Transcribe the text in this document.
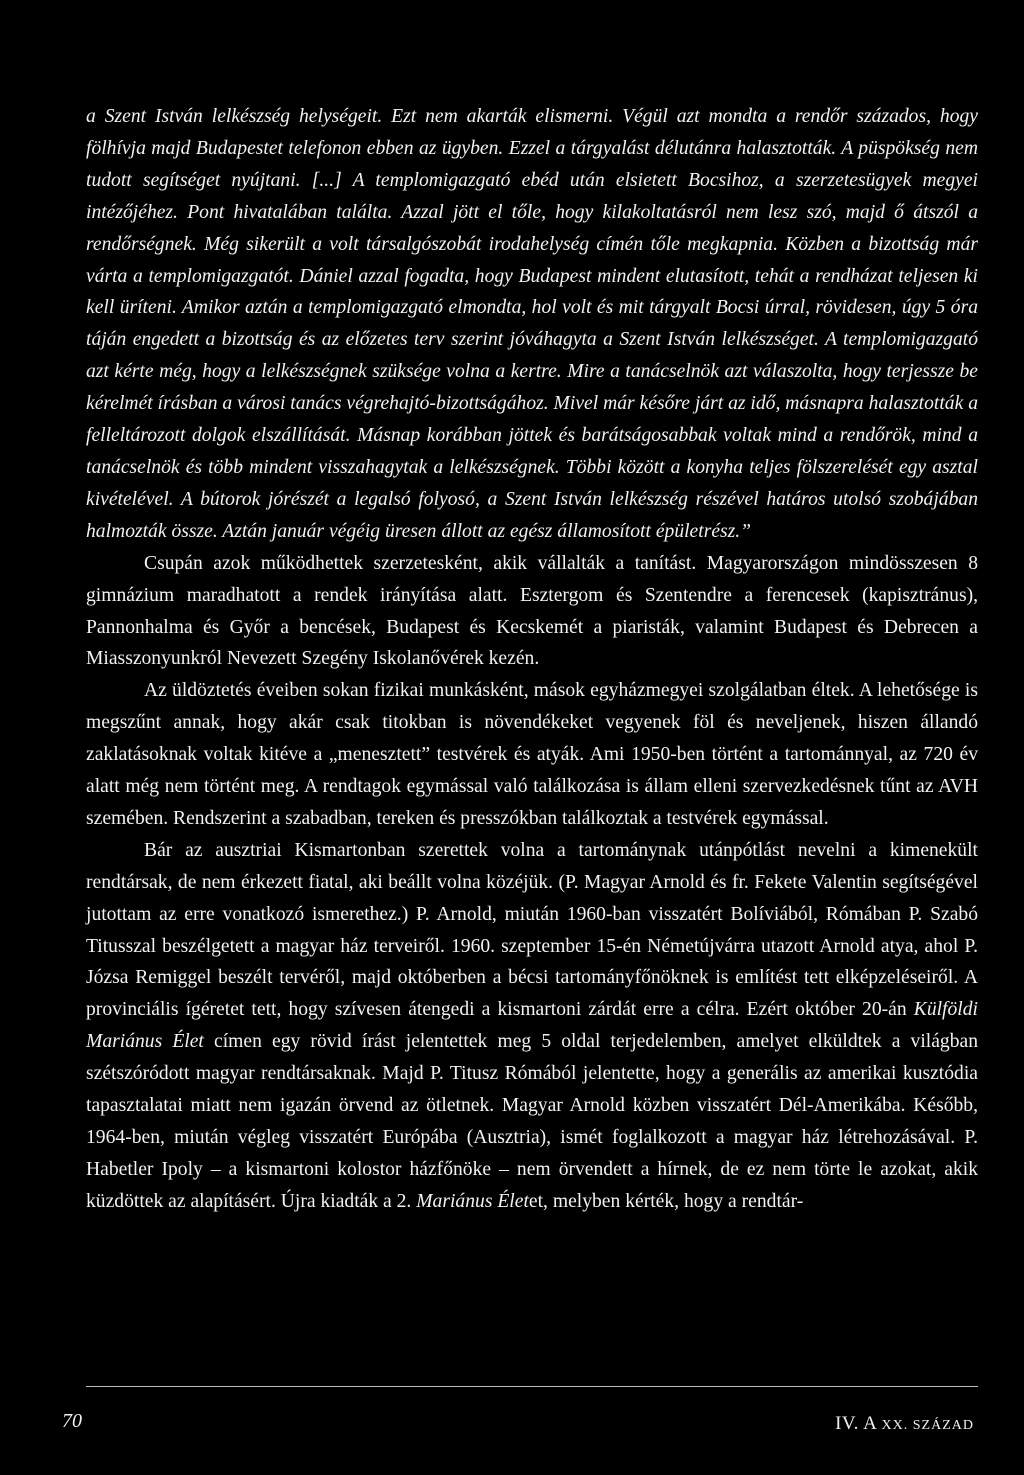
a Szent István lelkészség helységeit. Ezt nem akarták elismerni. Végül azt mondta a rendőr százados, hogy fölhívja majd Budapestet telefonon ebben az ügyben. Ezzel a tárgyalást délutánra halasztották. A püspökség nem tudott segítséget nyújtani. [...] A templomigazgató ebéd után elsietett Bocsihoz, a szerzetesügyek megyei intézőjéhez. Pont hivatalában találta. Azzal jött el tőle, hogy kilakoltatásról nem lesz szó, majd ő átszól a rendőrségnek. Még sikerült a volt társalgószobát irodahelység címén tőle megkapnia. Közben a bizottság már várta a templomigazgatót. Dániel azzal fogadta, hogy Budapest mindent elutasított, tehát a rendházat teljesen ki kell üríteni. Amikor aztán a templomigazgató elmondta, hol volt és mit tárgyalt Bocsi úrral, rövidesen, úgy 5 óra táján engedett a bizottság és az előzetes terv szerint jóváhagyta a Szent István lelkészséget. A templomigazgató azt kérte még, hogy a lelkészségnek szüksége volna a kertre. Mire a tanácselnök azt válaszolta, hogy terjessze be kérelmét írásban a városi tanács végrehajtó-bizottságához. Mivel már későre járt az idő, másnapra halasztották a felleltározott dolgok elszállítását. Másnap korábban jöttek és barátságosabbak voltak mind a rendőrök, mind a tanácselnök és több mindent visszahagytak a lelkészségnek. Többi között a konyha teljes fölszerelését egy asztal kivételével. A bútorok jórészét a legalsó folyosó, a Szent István lelkészség részével határos utolsó szobájában halmozták össze. Aztán január végéig üresen állott az egész államosított épületrész.”

Csupán azok működhettek szerzetesként, akik vállalták a tanítást. Magyarországon mindösszesen 8 gimnázium maradhatott a rendek irányítása alatt. Esztergom és Szentendre a ferencesek (kapisztránus), Pannonhalma és Győr a bencések, Budapest és Kecskemét a piaristák, valamint Budapest és Debrecen a Miasszonyunkról Nevezett Szegény Iskolanővérek kezén.

Az üldöztetés éveiben sokan fizikai munkásként, mások egyházmegyei szolgálatban éltek. A lehetősége is megszűnt annak, hogy akár csak titokban is növendékeket vegyenek föl és neveljenek, hiszen állandó zaklatásoknak voltak kitéve a „menesztett” testvérek és atyák. Ami 1950-ben történt a tartománnyal, az 720 év alatt még nem történt meg. A rendtagok egymással való találkozása is állam elleni szervezkedésnek tűnt az AVH szemében. Rendszerint a szabadban, tereken és presszókban találkoztak a testvérek egymással.

Bár az ausztriai Kismartonban szerettek volna a tartománynak utánpótlást nevelni a kimenekült rendtársak, de nem érkezett fiatal, aki beállt volna közéjük. (P. Magyar Arnold és fr. Fekete Valentin segítségével jutottam az erre vonatkozó ismerethez.) P. Arnold, miután 1960-ban visszatért Bolíviából, Rómában P. Szabó Titusszal beszélgetett a magyar ház terveiről. 1960. szeptember 15-én Németújvárra utazott Arnold atya, ahol P. Józsa Remiggel beszélt tervéről, majd októberben a bécsi tartományfőnöknek is említést tett elképzeléseiről. A provinciális ígéretet tett, hogy szívesen átengedi a kismartoni zárdát erre a célra. Ezért október 20-án Külföldi Mariánus Élet címen egy rövid írást jelentettek meg 5 oldal terjedelemben, amelyet elküldtek a világban szétszóródott magyar rendtársaknak. Majd P. Titusz Rómából jelentette, hogy a generális az amerikai kusztódia tapasztalatai miatt nem igazán örvend az ötletnek. Magyar Arnold közben visszatért Dél-Amerikába. Később, 1964-ben, miután végleg visszatért Európába (Ausztria), ismét foglalkozott a magyar ház létrehozásával. P. Habetler Ipoly – a kismartoni kolostor házfőnöke – nem örvendett a hírnek, de ez nem törte le azokat, akik küzdöttek az alapításért. Újra kiadták a 2. Mariánus Életet, melyben kérték, hogy a rendtár-

70	IV. A XX. SZÁZAD
